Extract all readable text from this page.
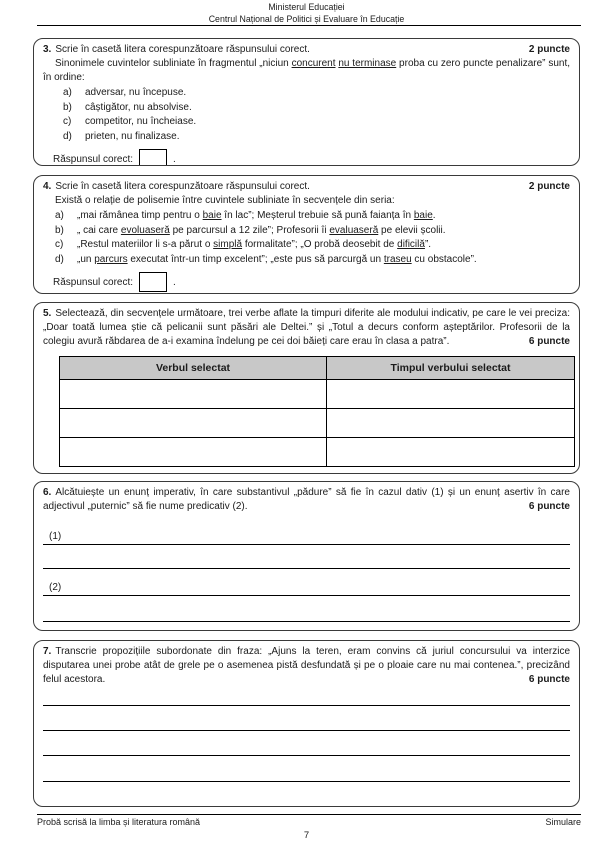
Ministerul Educației
Centrul Național de Politici și Evaluare în Educație
2 puncte
3. Scrie în casetă litera corespunzătoare răspunsului corect.

Sinonimele cuvintelor subliniate în fragmentul „niciun concurent nu terminase proba cu zero puncte penalizare” sunt, în ordine:

a)	adversar, nu începuse.
b)	câștigător, nu absolvise.
c)	competitor, nu încheiase.
d)	prieten, nu finalizase.
Răspunsul corect:	.
2 puncte
4. Scrie în casetă litera corespunzătoare răspunsului corect.

Există o relație de polisemie între cuvintele subliniate în secvențele din seria:

a)	„mai rămânea timp pentru o baie în lac”; Meșterul trebuie să pună faianța în baie.
b)	„ cai care evoluaseră pe parcursul a 12 zile”; Profesorii îi evaluaseră pe elevii școlii.
c)	„Restul materiilor li s-a părut o simplă formalitate”; „O probă deosebit de dificilă”.
d)	„un parcurs executat într-un timp excelent”; „este pus să parcurgă un traseu cu obstacole”.
Răspunsul corect:	.

5. Selectează, din secvențele următoare, trei verbe aflate la timpuri diferite ale modului indicativ, pe care le vei preciza: „Doar toată lumea știe că pelicanii sunt păsări ale Deltei.” și „Totul a decurs conform așteptărilor. Profesorii de la colegiu avură răbdarea de a-i examina îndelung pe cei doi băieți care erau în clasa a patra”.	6 puncte

Verbul selectat	Timpul verbului selectat

6. Alcătuiește un enunț imperativ, în care substantivul „pădure” să fie în cazul dativ (1) și un enunț asertiv în care adjectivul „puternic” să fie nume predicativ (2).	6 puncte

(1)
(2)

7. Transcrie propozițiile subordonate din fraza: „Ajuns la teren, eram convins că juriul concursului va interzice disputarea unei probe atât de grele pe o asemenea pistă desfundată și pe o ploaie care nu mai contenea.”, precizând felul acestora.	6 puncte

Probă scrisă la limba și literatura română	Simulare
7
